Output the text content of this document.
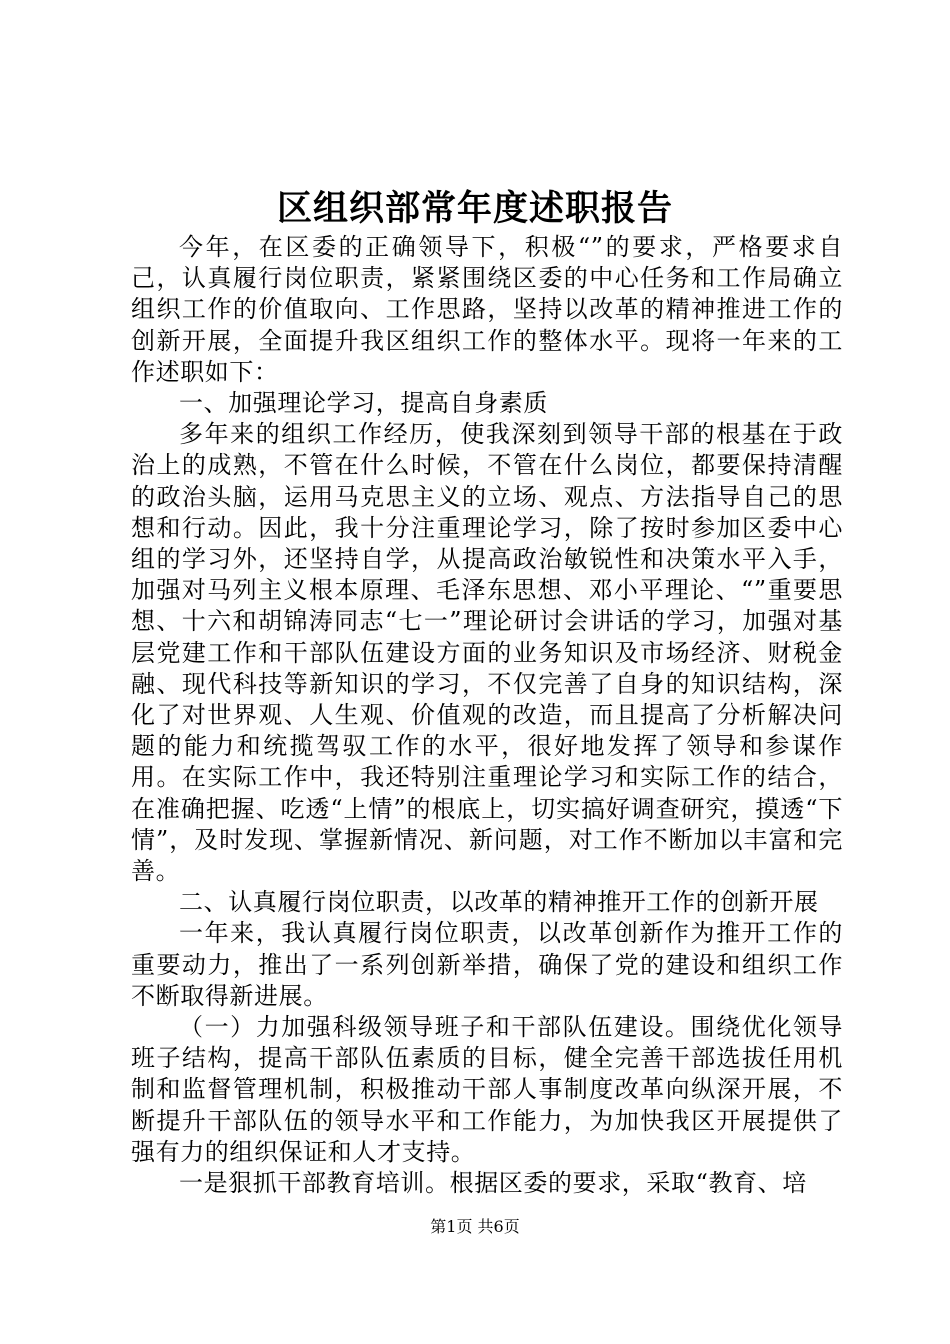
区组织部常年度述职报告

今年，在区委的正确领导下，积极“”的要求，严格要求自己，认真履行岗位职责，紧紧围绕区委的中心任务和工作局确立组织工作的价值取向、工作思路，坚持以改革的精神推进工作的创新开展，全面提升我区组织工作的整体水平。现将一年来的工作述职如下：

一、加强理论学习，提高自身素质

多年来的组织工作经历，使我深刻到领导干部的根基在于政治上的成熟，不管在什么时候，不管在什么岗位，都要保持清醒的政治头脑，运用马克思主义的立场、观点、方法指导自己的思想和行动。因此，我十分注重理论学习，除了按时参加区委中心组的学习外，还坚持自学，从提高政治敏锐性和决策水平入手，加强对马列主义根本原理、毛泽东思想、邓小平理论、“”重要思想、十六和胡锦涛同志“七一”理论研讨会讲话的学习，加强对基层党建工作和干部队伍建设方面的业务知识及市场经济、财税金融、现代科技等新知识的学习，不仅完善了自身的知识结构，深化了对世界观、人生观、价值观的改造，而且提高了分析解决问题的能力和统揽驾驭工作的水平，很好地发挥了领导和参谋作用。在实际工作中，我还特别注重理论学习和实际工作的结合，在准确把握、吃透“上情”的根底上，切实搞好调查研究，摸透“下情”，及时发现、掌握新情况、新问题，对工作不断加以丰富和完善。

二、认真履行岗位职责，以改革的精神推开工作的创新开展

一年来，我认真履行岗位职责，以改革创新作为推开工作的重要动力，推出了一系列创新举措，确保了党的建设和组织工作不断取得新进展。

（一）力加强科级领导班子和干部队伍建设。围绕优化领导班子结构，提高干部队伍素质的目标，健全完善干部选拔任用机制和监督管理机制，积极推动干部人事制度改革向纵深开展，不断提升干部队伍的领导水平和工作能力，为加快我区开展提供了强有力的组织保证和人才支持。

一是狠抓干部教育培训。根据区委的要求，采取“教育、培

第1页 共6页
